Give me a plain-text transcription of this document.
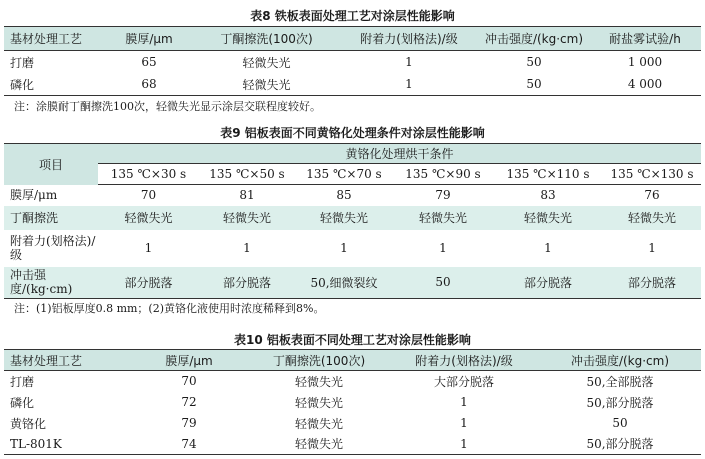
表8 铁板表面处理工艺对涂层性能影响
基材处理工艺	膜厚/μm	丁酮擦洗(100次)	附着力(划格法)/级	冲击强度/(kg·cm)	耐盐雾试验/h
打磨	65	轻微失光	1	50	1 000
磷化	68	轻微失光	1	50	4 000
注：涂膜耐丁酮擦洗100次，轻微失光显示涂层交联程度较好。
表9 铝板表面不同黄铬化处理条件对涂层性能影响
项目	黄铬化处理烘干条件					
	135 ℃×30 s	135 ℃×50 s	135 ℃×70 s	135 ℃×90 s	135 ℃×110 s	135 ℃×130 s
膜厚/μm	70	81	85	79	83	76
丁酮擦洗	轻微失光	轻微失光	轻微失光	轻微失光	轻微失光	轻微失光
附着力(划格法)/级	1	1	1	1	1	1
冲击强度/(kg·cm)	部分脱落	部分脱落	50,细微裂纹	50	部分脱落	部分脱落
注：(1)铝板厚度0.8 mm；(2)黄铬化液使用时浓度稀释到8%。
表10 铝板表面不同处理工艺对涂层性能影响
基材处理工艺	膜厚/μm	丁酮擦洗(100次)	附着力(划格法)/级	冲击强度/(kg·cm)
打磨	70	轻微失光	大部分脱落	50,全部脱落
磷化	72	轻微失光	1	50,部分脱落
黄铬化	79	轻微失光	1	50
TL-801K	74	轻微失光	1	50,部分脱落
